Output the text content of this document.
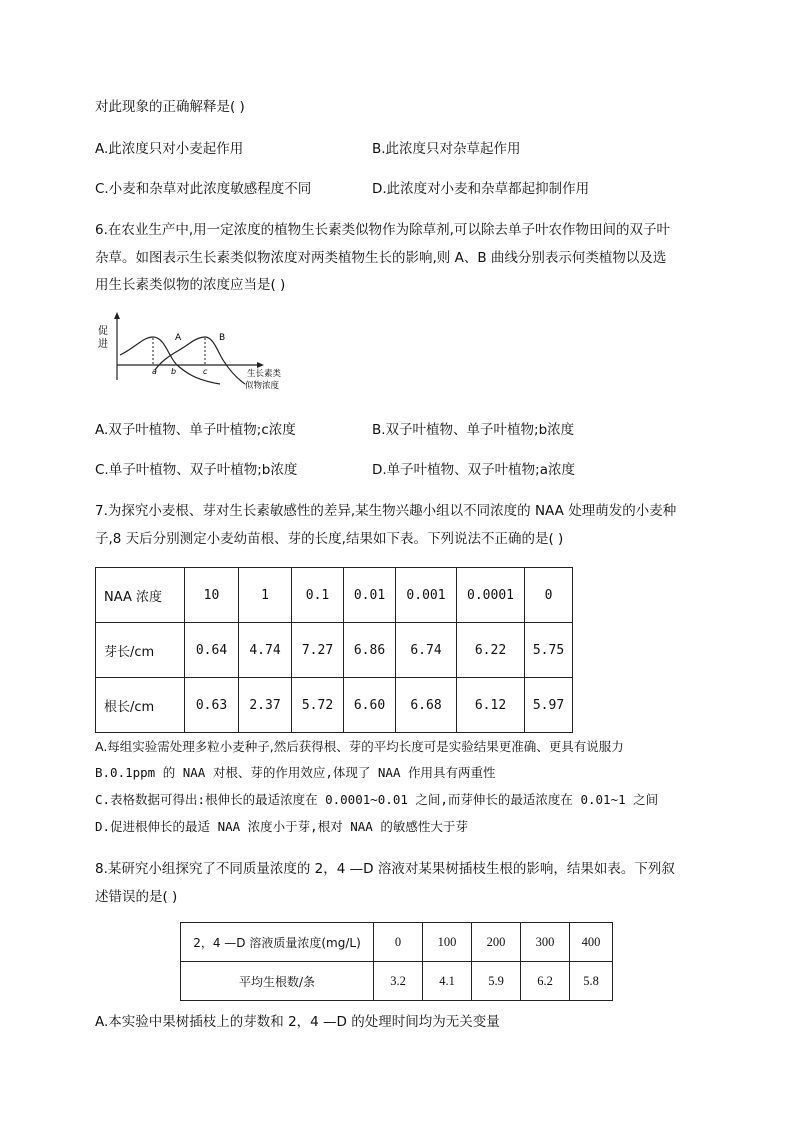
对此现象的正确解释是( )
A.此浓度只对小麦起作用	B.此浓度只对杂草起作用
C.小麦和杂草对此浓度敏感程度不同	D.此浓度对小麦和杂草都起抑制作用
6.在农业生产中,用一定浓度的植物生长素类似物作为除草剂,可以除去单子叶农作物田间的双子叶
杂草。如图表示生长素类似物浓度对两类植物生长的影响,则 A、B 曲线分别表示何类植物以及选
用生长素类似物的浓度应当是( )
促
进
A	B
a b	c	生长素类
似物浓度
A.双子叶植物、单子叶植物;c浓度	B.双子叶植物、单子叶植物;b浓度
C.单子叶植物、双子叶植物;b浓度	D.单子叶植物、双子叶植物;a浓度
7.为探究小麦根、芽对生长素敏感性的差异,某生物兴趣小组以不同浓度的 NAA 处理萌发的小麦种
子,8 天后分别测定小麦幼苗根、芽的长度,结果如下表。下列说法不正确的是( )
NAA 浓度	10	1	0.1	0.01	0.001	0.0001	0
芽长/cm	0.64	4.74	7.27	6.86	6.74	6.22	5.75
根长/cm	0.63	2.37	5.72	6.60	6.68	6.12	5.97
A.每组实验需处理多粒小麦种子,然后获得根、芽的平均长度可是实验结果更准确、更具有说服力
B.0.1ppm 的 NAA 对根、芽的作用效应,体现了 NAA 作用具有两重性
C.表格数据可得出:根伸长的最适浓度在 0.0001~0.01 之间,而芽伸长的最适浓度在 0.01~1 之间
D.促进根伸长的最适 NAA 浓度小于芽,根对 NAA 的敏感性大于芽
8.某研究小组探究了不同质量浓度的 2，4 —D 溶液对某果树插枝生根的影响，结果如表。下列叙
述错误的是( )
2，4 —D 溶液质量浓度(mg/L)	0	100	200	300	400
平均生根数/条	3.2	4.1	5.9	6.2	5.8
A.本实验中果树插枝上的芽数和 2，4 —D 的处理时间均为无关变量
